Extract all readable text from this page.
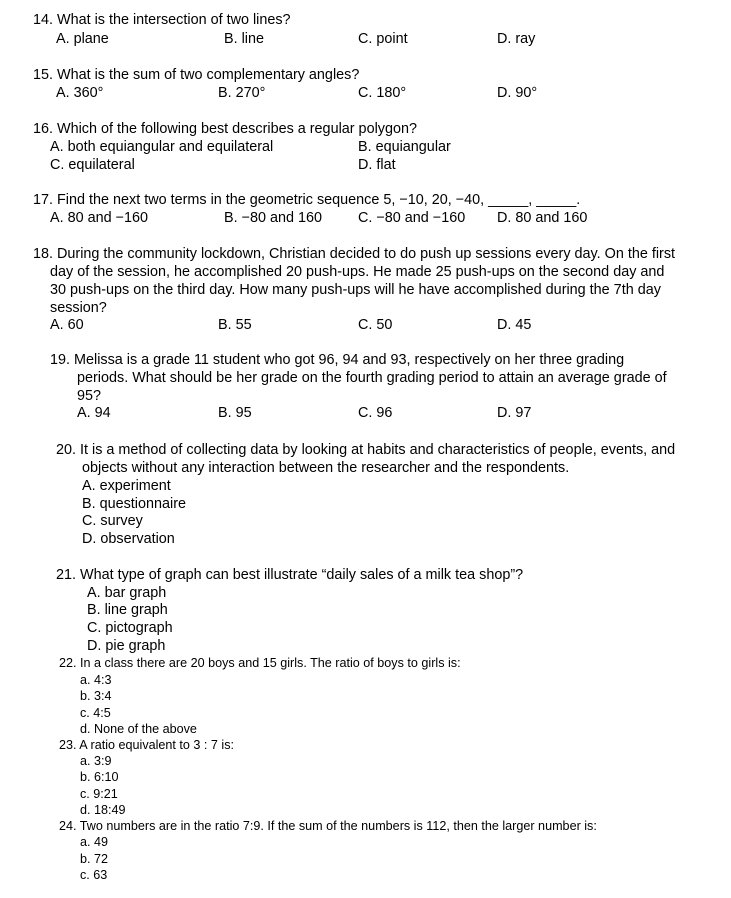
14. What is the intersection of two lines?
A. plane	B. line	C. point	D. ray
15. What is the sum of two complementary angles?
A. 360°	B. 270°	C. 180°	D. 90°
16. Which of the following best describes a regular polygon?
A. both equiangular and equilateral	B. equiangular
C. equilateral	D. flat
17. Find the next two terms in the geometric sequence 5, −10, 20, −40, _____, _____.
A. 80 and −160	B. −80 and 160 C. −80 and −160 D. 80 and 160
18. During the community lockdown, Christian decided to do push up sessions every day. On the first
day of the session, he accomplished 20 push-ups. He made 25 push-ups on the second day and
30 push-ups on the third day. How many push-ups will he have accomplished during the 7th day
session?
A. 60	B. 55	C. 50	D. 45
19. Melissa is a grade 11 student who got 96, 94 and 93, respectively on her three grading
periods. What should be her grade on the fourth grading period to attain an average grade of
95?
A. 94	B. 95	C. 96	D. 97
20. It is a method of collecting data by looking at habits and characteristics of people, events, and
objects without any interaction between the researcher and the respondents.
A. experiment
B. questionnaire
C. survey
D. observation
21. What type of graph can best illustrate “daily sales of a milk tea shop”?
A. bar graph
B. line graph
C. pictograph
D. pie graph
22. In a class there are 20 boys and 15 girls. The ratio of boys to girls is:
a. 4:3
b. 3:4
c. 4:5
d. None of the above
23. A ratio equivalent to 3 : 7 is:
a. 3:9
b. 6:10
c. 9:21
d. 18:49
24. Two numbers are in the ratio 7:9. If the sum of the numbers is 112, then the larger number is:
a. 49
b. 72
c. 63
